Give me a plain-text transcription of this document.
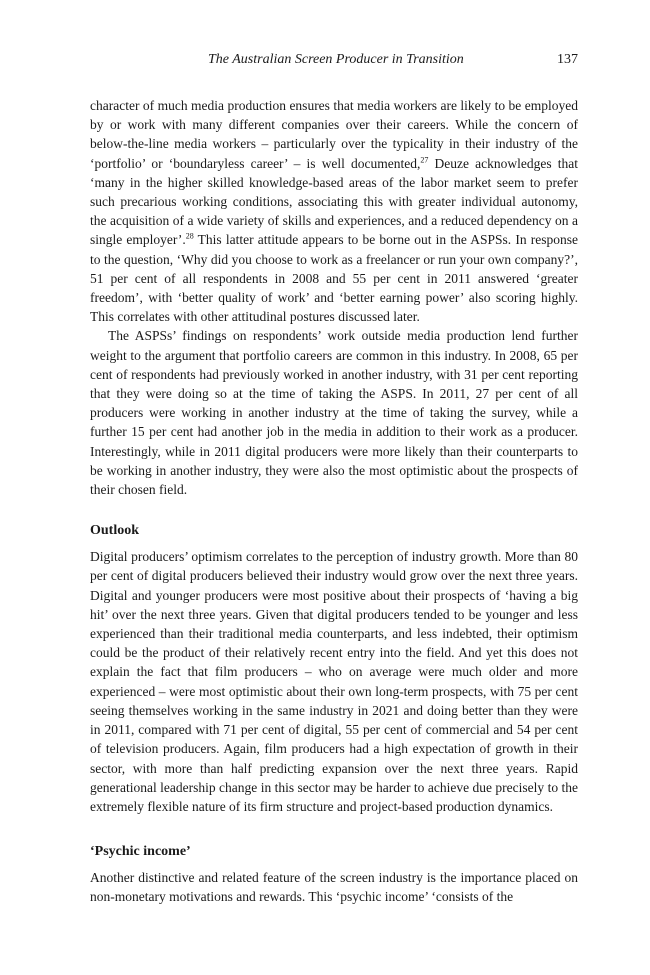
The Australian Screen Producer in Transition	137

character of much media production ensures that media workers are likely to be employed by or work with many different companies over their careers. While the concern of below-the-line media workers – particularly over the typicality in their industry of the ‘portfolio’ or ‘boundaryless career’ – is well documented,$^{27}$ Deuze acknowledges that ‘many in the higher skilled knowledge-based areas of the labor market seem to prefer such precarious working conditions, associating this with greater individual autonomy, the acquisition of a wide variety of skills and experiences, and a reduced dependency on a single employer’.$^{28}$ This latter attitude appears to be borne out in the ASPSs. In response to the question, ‘Why did you choose to work as a freelancer or run your own company?’, 51 per cent of all respondents in 2008 and 55 per cent in 2011 answered ‘greater freedom’, with ‘better quality of work’ and ‘better earning power’ also scoring highly. This correlates with other attitudinal postures discussed later.

The ASPSs’ findings on respondents’ work outside media production lend further weight to the argument that portfolio careers are common in this industry. In 2008, 65 per cent of respondents had previously worked in another industry, with 31 per cent reporting that they were doing so at the time of taking the ASPS. In 2011, 27 per cent of all producers were working in another industry at the time of taking the survey, while a further 15 per cent had another job in the media in addition to their work as a producer. Interestingly, while in 2011 digital producers were more likely than their counterparts to be working in another industry, they were also the most optimistic about the prospects of their chosen field.

Outlook

Digital producers’ optimism correlates to the perception of industry growth. More than 80 per cent of digital producers believed their industry would grow over the next three years. Digital and younger producers were most positive about their prospects of ‘having a big hit’ over the next three years. Given that digital producers tended to be younger and less experienced than their traditional media counterparts, and less indebted, their optimism could be the product of their relatively recent entry into the field. And yet this does not explain the fact that film producers – who on average were much older and more experienced – were most optimistic about their own long-term prospects, with 75 per cent seeing themselves working in the same industry in 2021 and doing better than they were in 2011, compared with 71 per cent of digital, 55 per cent of commercial and 54 per cent of television producers. Again, film producers had a high expectation of growth in their sector, with more than half predicting expansion over the next three years. Rapid generational leadership change in this sector may be harder to achieve due precisely to the extremely flexible nature of its firm structure and project-based production dynamics.

‘Psychic income’

Another distinctive and related feature of the screen industry is the importance placed on non-monetary motivations and rewards. This ‘psychic income’ ‘consists of the
